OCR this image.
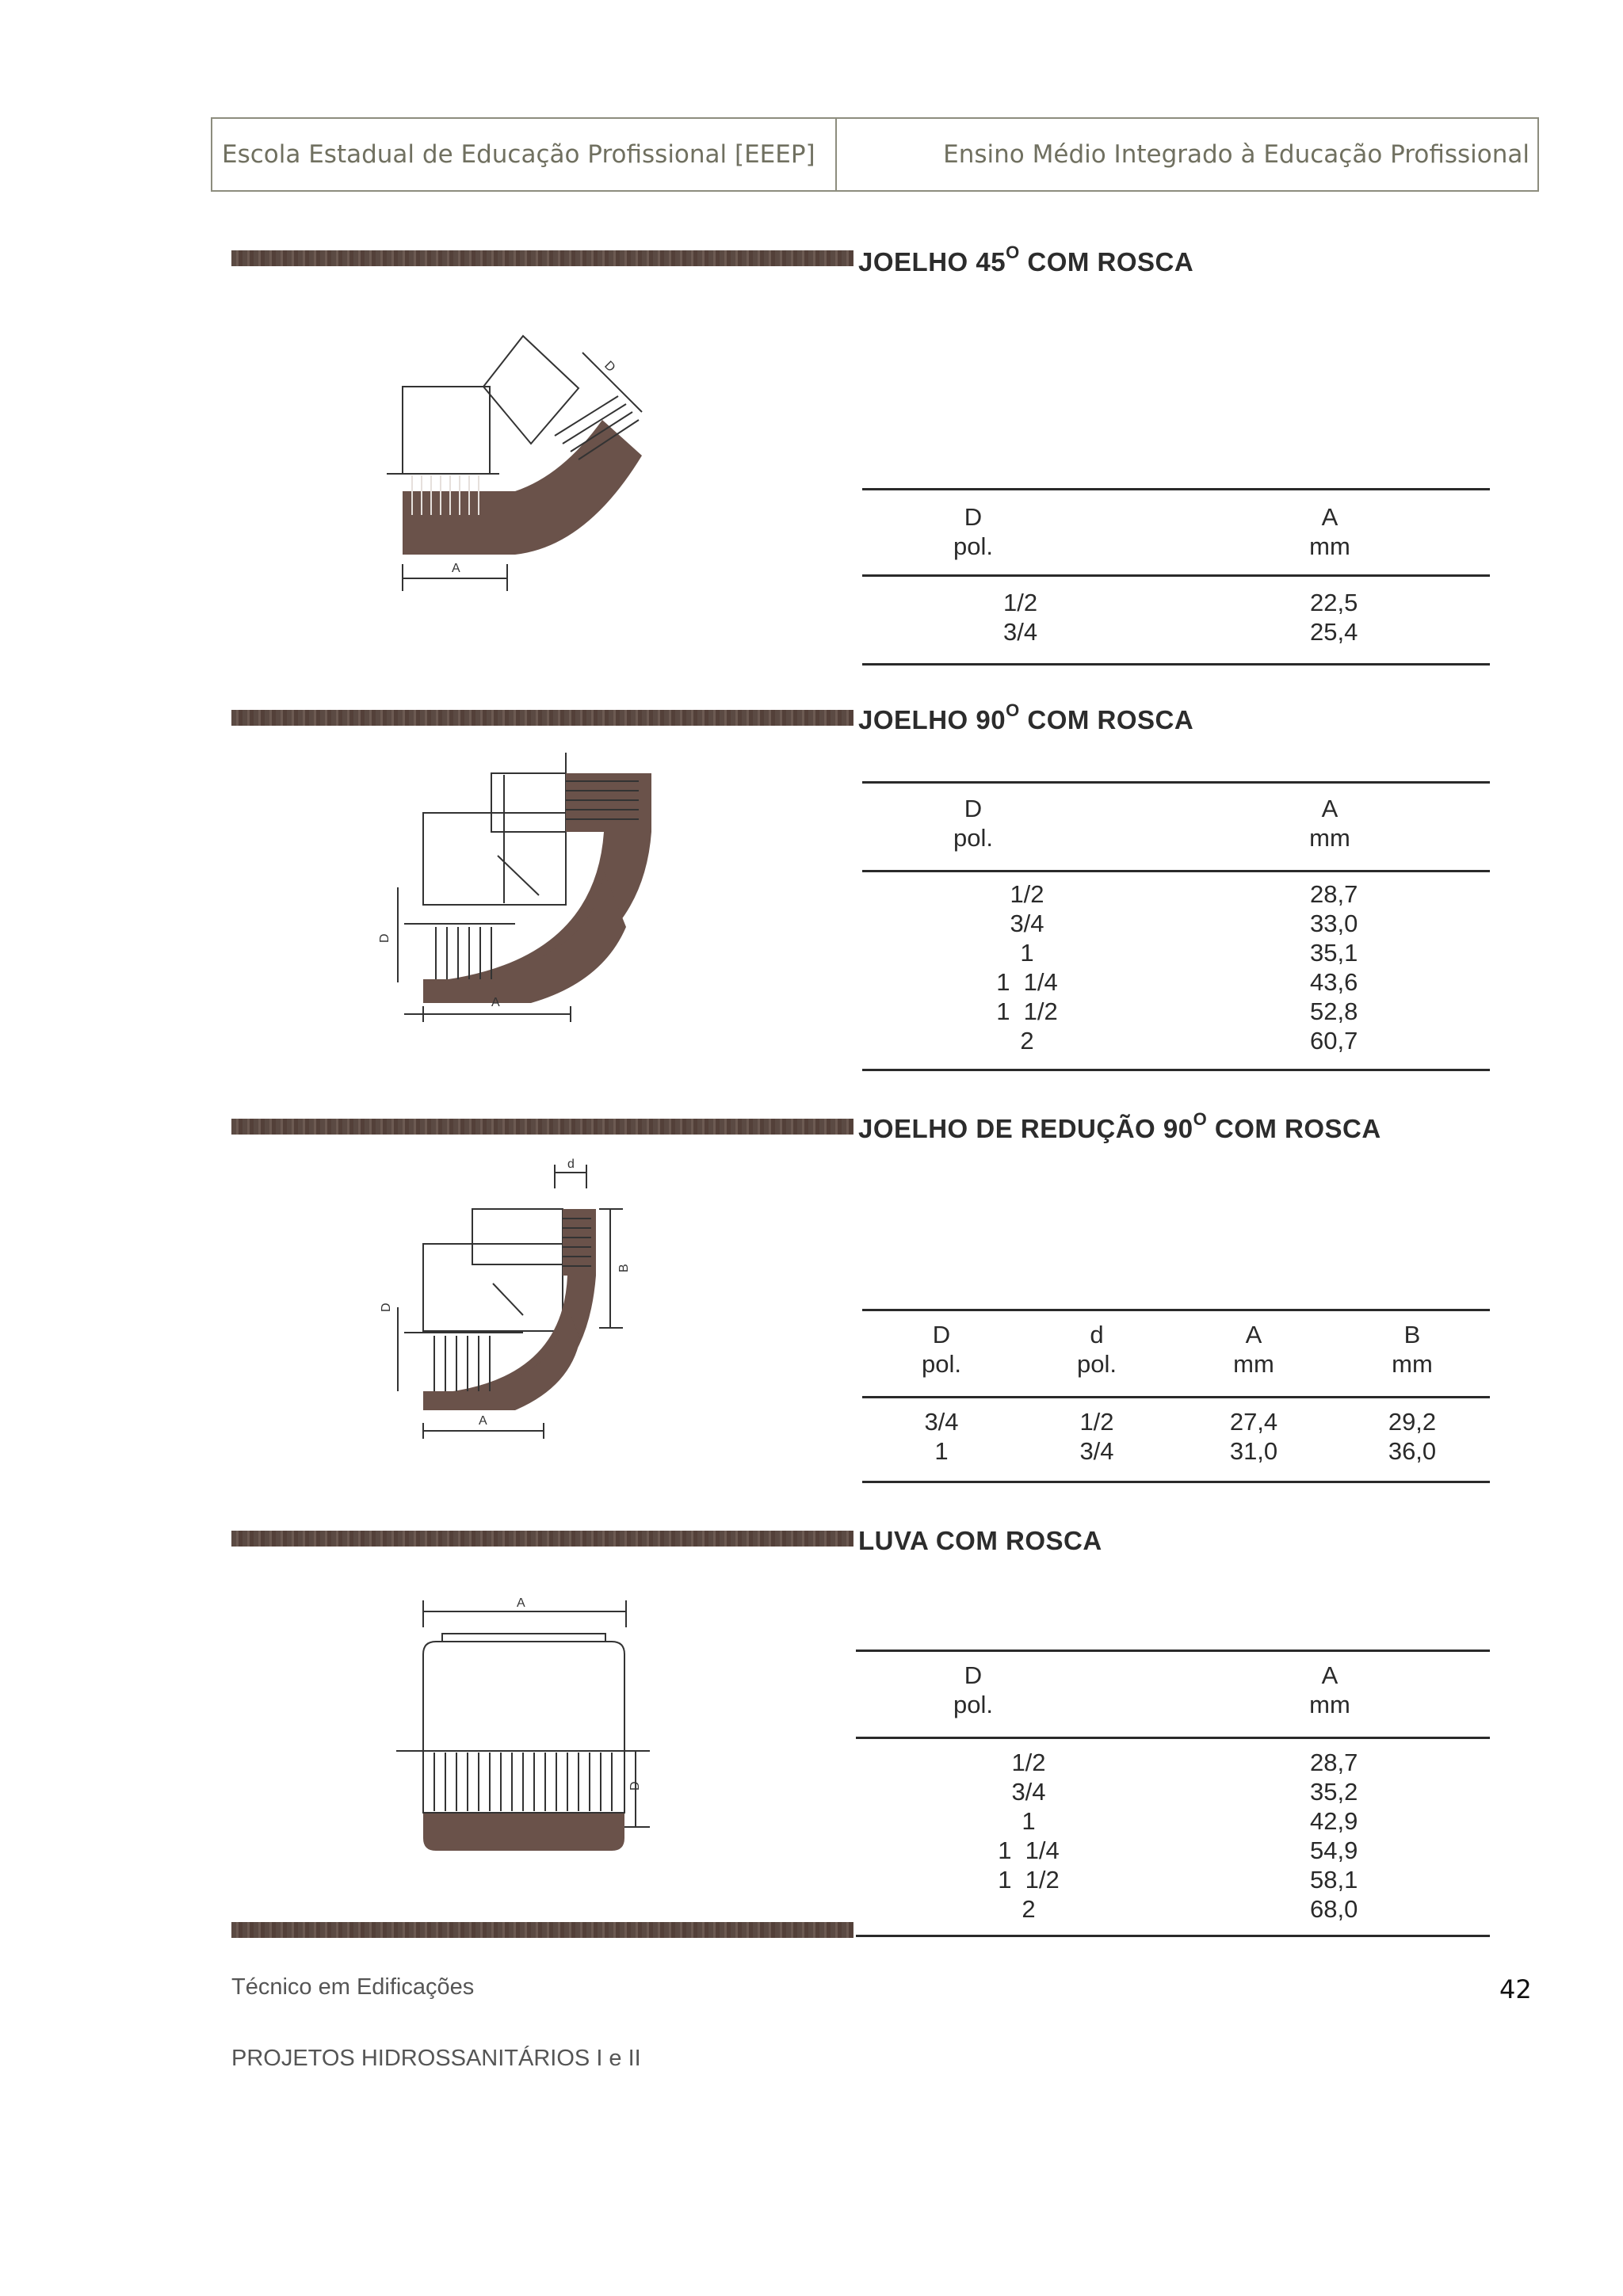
Escola Estadual de Educação Profissional [EEEP]	Ensino Médio Integrado à Educação Profissional
JOELHO $45^O$ COM ROSCA
A
D
D
pol.
A
mm
1/2
3/4
22,5
25,4
JOELHO $90^O$ COM ROSCA
A
D
D
pol.
A
mm
1/2
3/4
1
1  1/4
1  1/2
2
28,7
33,0
35,1
43,6
52,8
60,7
JOELHO DE REDUÇÃO $90^O$ COM ROSCA
A
d
B
D
D
pol.
d
pol.
A
mm
B
mm
3/4
1
1/2
3/4
27,4
31,0
29,2
36,0
LUVA COM ROSCA
A
D
D
pol.
A
mm
1/2
3/4
1
1  1/4
1  1/2
2
28,7
35,2
42,9
54,9
58,1
68,0
Técnico em Edificações	42
PROJETOS HIDROSSANITÁRIOS I e II
